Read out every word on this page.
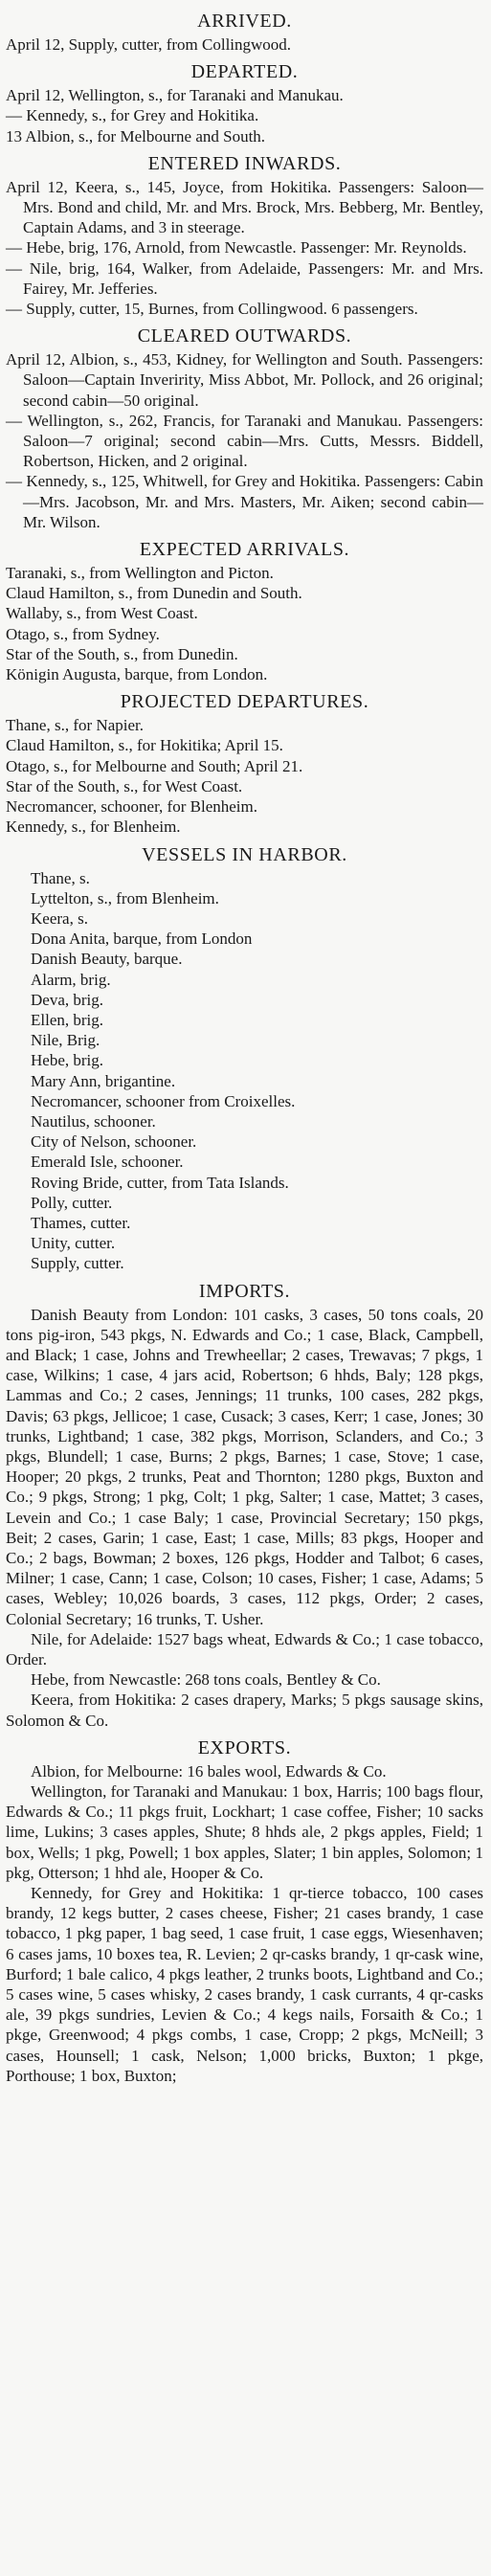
ARRIVED.

April 12, Supply, cutter, from Collingwood.

DEPARTED.

April 12, Wellington, s., for Taranaki and Manukau.

— Kennedy, s., for Grey and Hokitika.

13 Albion, s., for Melbourne and South.

ENTERED INWARDS.

April 12, Keera, s., 145, Joyce, from Hokitika. Passengers: Saloon—Mrs. Bond and child, Mr. and Mrs. Brock, Mrs. Bebberg, Mr. Bentley, Captain Adams, and 3 in steerage.

— Hebe, brig, 176, Arnold, from Newcastle. Passenger: Mr. Reynolds.

— Nile, brig, 164, Walker, from Adelaide, Passengers: Mr. and Mrs. Fairey, Mr. Jefferies.

— Supply, cutter, 15, Burnes, from Collingwood. 6 passengers.

CLEARED OUTWARDS.

April 12, Albion, s., 453, Kidney, for Wellington and South. Passengers: Saloon—Captain Inveririty, Miss Abbot, Mr. Pollock, and 26 original; second cabin—50 original.

— Wellington, s., 262, Francis, for Taranaki and Manukau. Passengers: Saloon—7 original; second cabin—Mrs. Cutts, Messrs. Biddell, Robertson, Hicken, and 2 original.

— Kennedy, s., 125, Whitwell, for Grey and Hokitika. Passengers: Cabin—Mrs. Jacobson, Mr. and Mrs. Masters, Mr. Aiken; second cabin—Mr. Wilson.

EXPECTED ARRIVALS.

Taranaki, s., from Wellington and Picton.

Claud Hamilton, s., from Dunedin and South.

Wallaby, s., from West Coast.

Otago, s., from Sydney.

Star of the South, s., from Dunedin.

Königin Augusta, barque, from London.

PROJECTED DEPARTURES.

Thane, s., for Napier.

Claud Hamilton, s., for Hokitika; April 15.

Otago, s., for Melbourne and South; April 21.

Star of the South, s., for West Coast.

Necromancer, schooner, for Blenheim.

Kennedy, s., for Blenheim.

VESSELS IN HARBOR.

Thane, s.

Lyttelton, s., from Blenheim.

Keera, s.

Dona Anita, barque, from London

Danish Beauty, barque.

Alarm, brig.

Deva, brig.

Ellen, brig.

Nile, Brig.

Hebe, brig.

Mary Ann, brigantine.

Necromancer, schooner from Croixelles.

Nautilus, schooner.

City of Nelson, schooner.

Emerald Isle, schooner.

Roving Bride, cutter, from Tata Islands.

Polly, cutter.

Thames, cutter.

Unity, cutter.

Supply, cutter.

IMPORTS.

Danish Beauty from London: 101 casks, 3 cases, 50 tons coals, 20 tons pig-iron, 543 pkgs, N. Edwards and Co.; 1 case, Black, Campbell, and Black; 1 case, Johns and Trewheellar; 2 cases, Trewavas; 7 pkgs, 1 case, Wilkins; 1 case, 4 jars acid, Robertson; 6 hhds, Baly; 128 pkgs, Lammas and Co.; 2 cases, Jennings; 11 trunks, 100 cases, 282 pkgs, Davis; 63 pkgs, Jellicoe; 1 case, Cusack; 3 cases, Kerr; 1 case, Jones; 30 trunks, Lightband; 1 case, 382 pkgs, Morrison, Sclanders, and Co.; 3 pkgs, Blundell; 1 case, Burns; 2 pkgs, Barnes; 1 case, Stove; 1 case, Hooper; 20 pkgs, 2 trunks, Peat and Thornton; 1280 pkgs, Buxton and Co.; 9 pkgs, Strong; 1 pkg, Colt; 1 pkg, Salter; 1 case, Mattet; 3 cases, Levein and Co.; 1 case Baly; 1 case, Provincial Secretary; 150 pkgs, Beit; 2 cases, Garin; 1 case, East; 1 case, Mills; 83 pkgs, Hooper and Co.; 2 bags, Bowman; 2 boxes, 126 pkgs, Hodder and Talbot; 6 cases, Milner; 1 case, Cann; 1 case, Colson; 10 cases, Fisher; 1 case, Adams; 5 cases, Webley; 10,026 boards, 3 cases, 112 pkgs, Order; 2 cases, Colonial Secretary; 16 trunks, T. Usher.

Nile, for Adelaide: 1527 bags wheat, Edwards & Co.; 1 case tobacco, Order.

Hebe, from Newcastle: 268 tons coals, Bentley & Co.

Keera, from Hokitika: 2 cases drapery, Marks; 5 pkgs sausage skins, Solomon & Co.

EXPORTS.

Albion, for Melbourne: 16 bales wool, Edwards & Co.

Wellington, for Taranaki and Manukau: 1 box, Harris; 100 bags flour, Edwards & Co.; 11 pkgs fruit, Lockhart; 1 case coffee, Fisher; 10 sacks lime, Lukins; 3 cases apples, Shute; 8 hhds ale, 2 pkgs apples, Field; 1 box, Wells; 1 pkg, Powell; 1 box apples, Slater; 1 bin apples, Solomon; 1 pkg, Otterson; 1 hhd ale, Hooper & Co.

Kennedy, for Grey and Hokitika: 1 qr-tierce tobacco, 100 cases brandy, 12 kegs butter, 2 cases cheese, Fisher; 21 cases brandy, 1 case tobacco, 1 pkg paper, 1 bag seed, 1 case fruit, 1 case eggs, Wiesenhaven; 6 cases jams, 10 boxes tea, R. Levien; 2 qr-casks brandy, 1 qr-cask wine, Burford; 1 bale calico, 4 pkgs leather, 2 trunks boots, Lightband and Co.; 5 cases wine, 5 cases whisky, 2 cases brandy, 1 cask currants, 4 qr-casks ale, 39 pkgs sundries, Levien & Co.; 4 kegs nails, Forsaith & Co.; 1 pkge, Greenwood; 4 pkgs combs, 1 case, Cropp; 2 pkgs, McNeill; 3 cases, Hounsell; 1 cask, Nelson; 1,000 bricks, Buxton; 1 pkge, Porthouse; 1 box, Buxton;
